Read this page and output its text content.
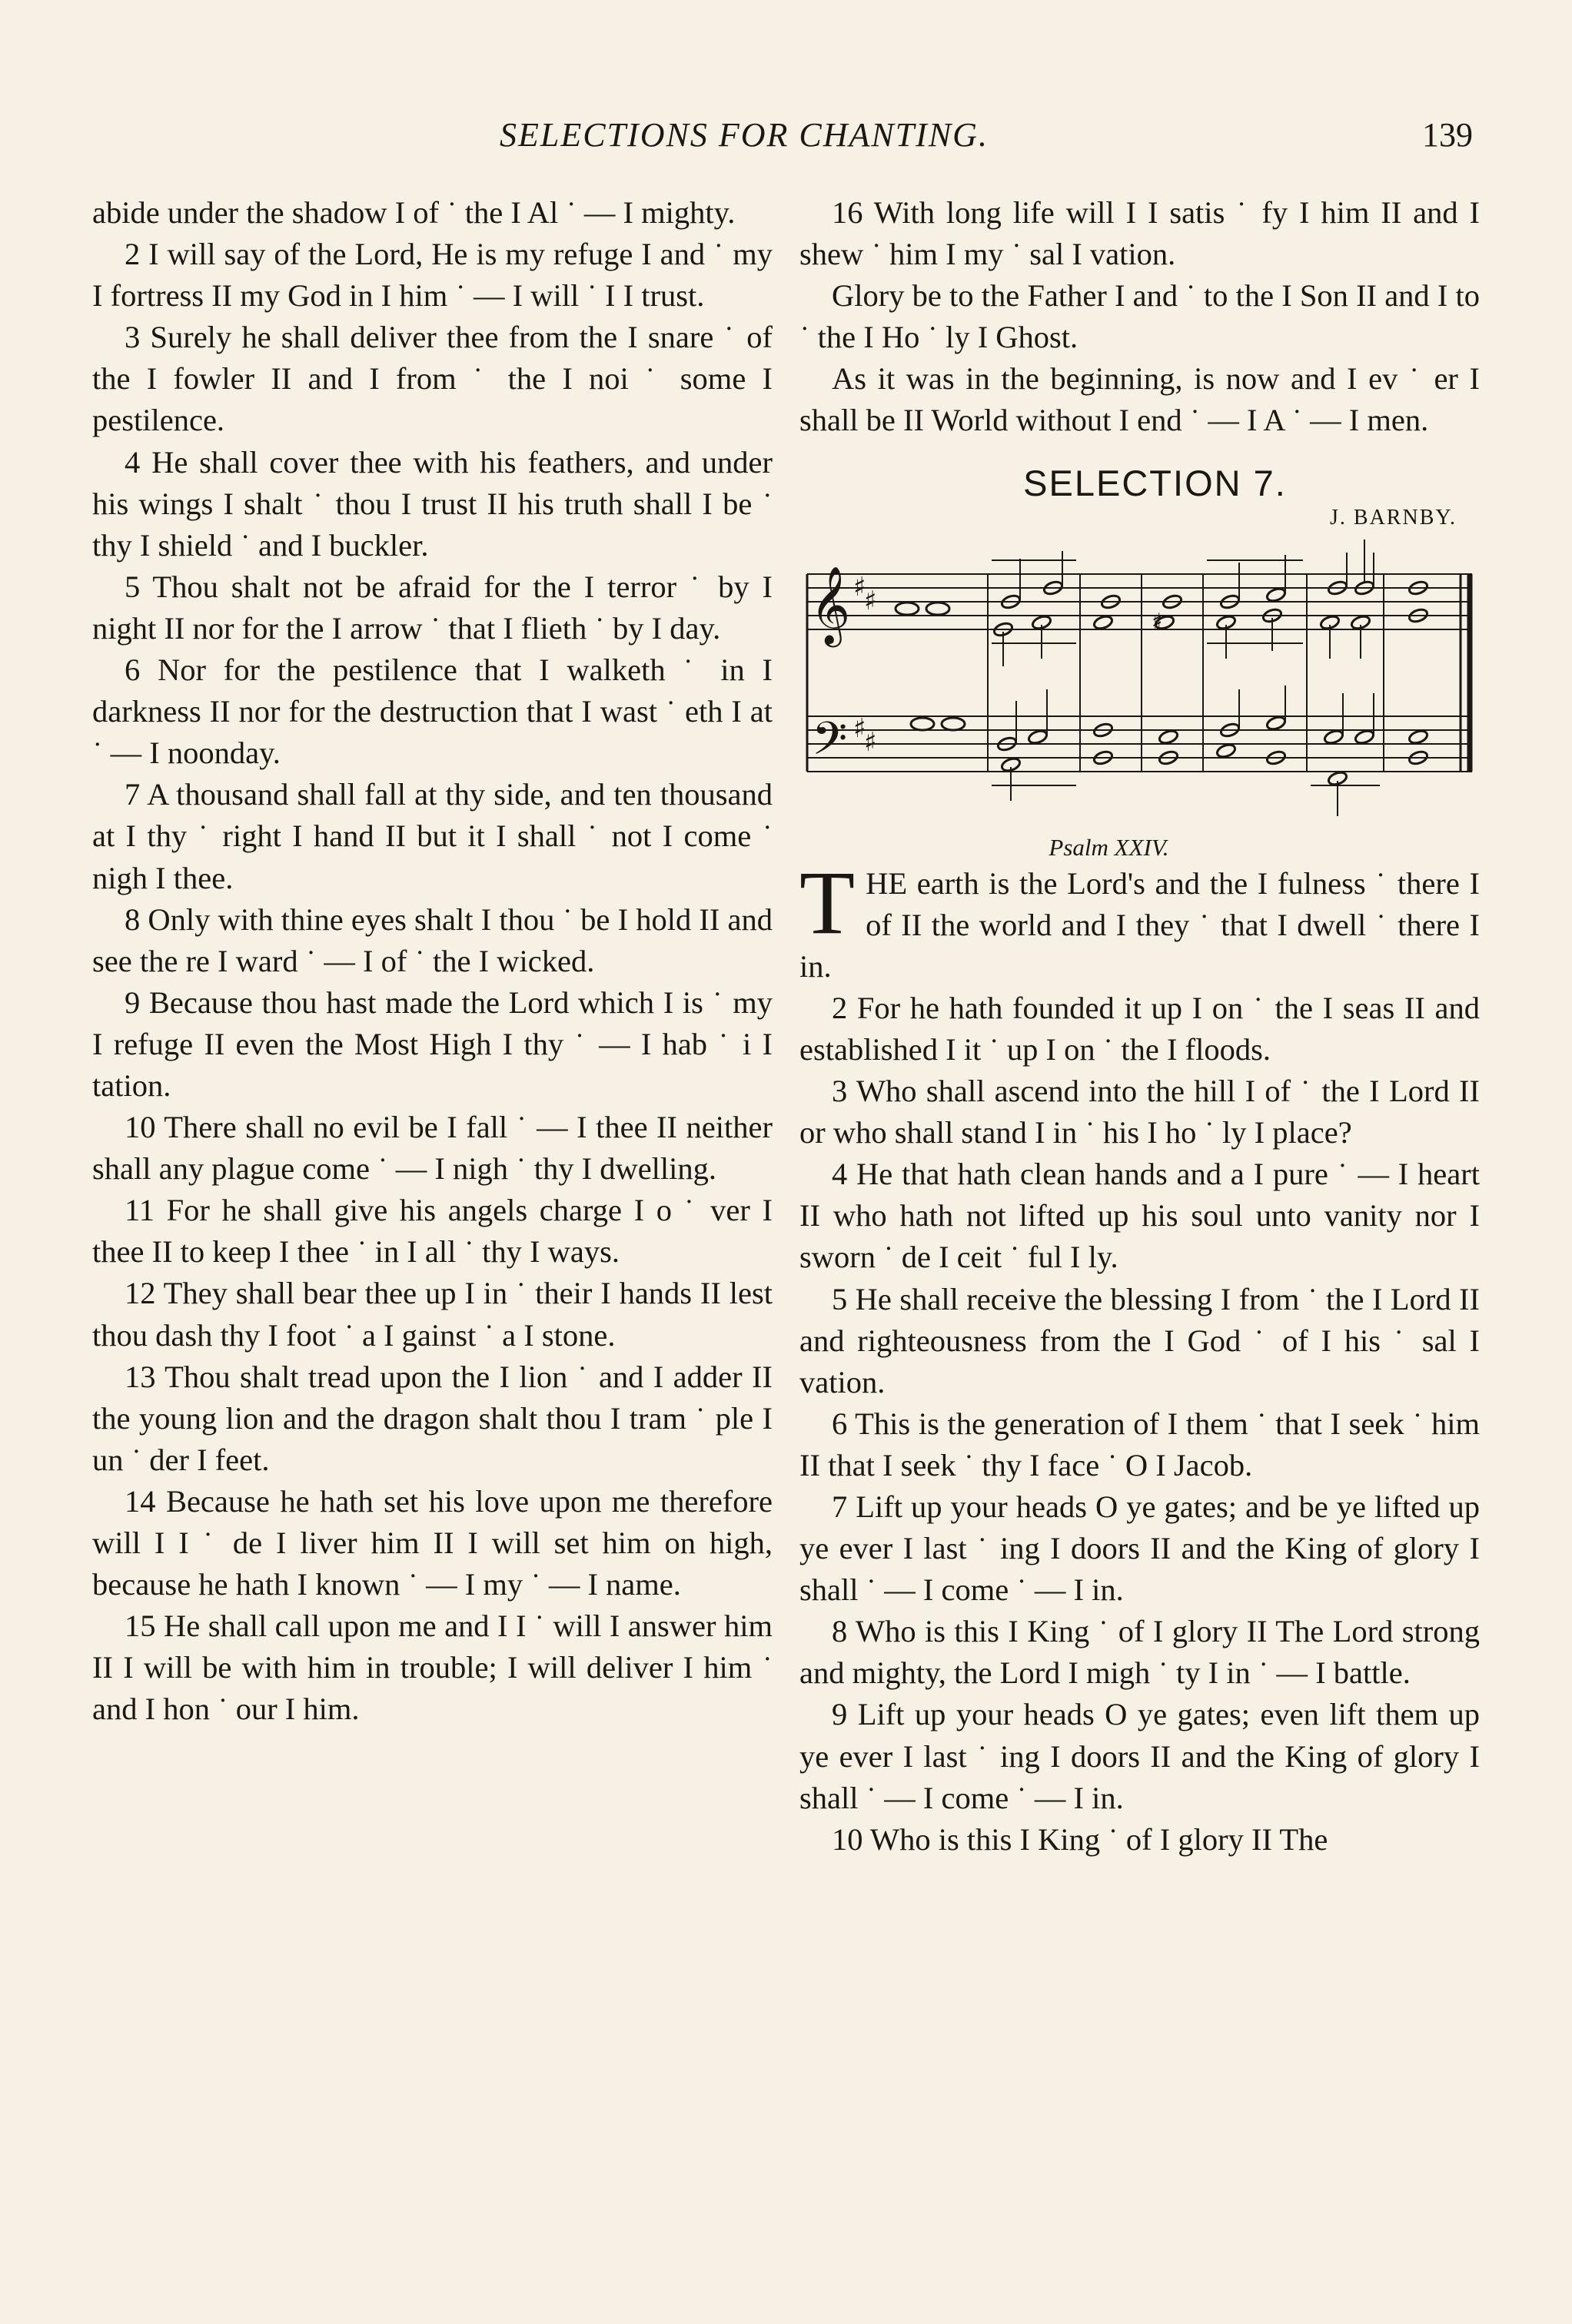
SELECTIONS FOR CHANTING.	139

abide under the shadow I of ˙ the I Al ˙ — I mighty.

2 I will say of the Lord, He is my refuge I and ˙ my I fortress II my God in I him ˙ — I will ˙ I I trust.

3 Surely he shall deliver thee from the I snare ˙ of the I fowler II and I from ˙ the I noi ˙ some I pestilence.

4 He shall cover thee with his feathers, and under his wings I shalt ˙ thou I trust II his truth shall I be ˙ thy I shield ˙ and I buckler.

5 Thou shalt not be afraid for the I terror ˙ by I night II nor for the I arrow ˙ that I flieth ˙ by I day.

6 Nor for the pestilence that I walketh ˙ in I darkness II nor for the destruction that I wast ˙ eth I at ˙ — I noonday.

7 A thousand shall fall at thy side, and ten thousand at I thy ˙ right I hand II but it I shall ˙ not I come ˙ nigh I thee.

8 Only with thine eyes shalt I thou ˙ be I hold II and see the re I ward ˙ — I of ˙ the I wicked.

9 Because thou hast made the Lord which I is ˙ my I refuge II even the Most High I thy ˙ — I hab ˙ i I tation.

10 There shall no evil be I fall ˙ — I thee II neither shall any plague come ˙ — I nigh ˙ thy I dwelling.

11 For he shall give his angels charge I o ˙ ver I thee II to keep I thee ˙ in I all ˙ thy I ways.

12 They shall bear thee up I in ˙ their I hands II lest thou dash thy I foot ˙ a I gainst ˙ a I stone.

13 Thou shalt tread upon the I lion ˙ and I adder II the young lion and the dragon shalt thou I tram ˙ ple I un ˙ der I feet.

14 Because he hath set his love upon me therefore will I I ˙ de I liver him II I will set him on high, because he hath I known ˙ — I my ˙ — I name.

15 He shall call upon me and I I ˙ will I answer him II I will be with him in trouble; I will deliver I him ˙ and I hon ˙ our I him.

16 With long life will I I satis ˙ fy I him II and I shew ˙ him I my ˙ sal I vation.

Glory be to the Father I and ˙ to the I Son II and I to ˙ the I Ho ˙ ly I Ghost.

As it was in the beginning, is now and I ev ˙ er I shall be II World without I end ˙ — I A ˙ — I men.

SELECTION 7.
J. BARNBY.
𝄞 ♯
♯
𝄢 ♯
♯
♯
Psalm XXIV.

THE earth is the Lord's and the I fulness ˙ there I of II the world and I they ˙ that I dwell ˙ there I in.

2 For he hath founded it up I on ˙ the I seas II and established I it ˙ up I on ˙ the I floods.

3 Who shall ascend into the hill I of ˙ the I Lord II or who shall stand I in ˙ his I ho ˙ ly I place?

4 He that hath clean hands and a I pure ˙ — I heart II who hath not lifted up his soul unto vanity nor I sworn ˙ de I ceit ˙ ful I ly.

5 He shall receive the blessing I from ˙ the I Lord II and righteousness from the I God ˙ of I his ˙ sal I vation.

6 This is the generation of I them ˙ that I seek ˙ him II that I seek ˙ thy I face ˙ O I Jacob.

7 Lift up your heads O ye gates; and be ye lifted up ye ever I last ˙ ing I doors II and the King of glory I shall ˙ — I come ˙ — I in.

8 Who is this I King ˙ of I glory II The Lord strong and mighty, the Lord I migh ˙ ty I in ˙ — I battle.

9 Lift up your heads O ye gates; even lift them up ye ever I last ˙ ing I doors II and the King of glory I shall ˙ — I come ˙ — I in.

10 Who is this I King ˙ of I glory II The
